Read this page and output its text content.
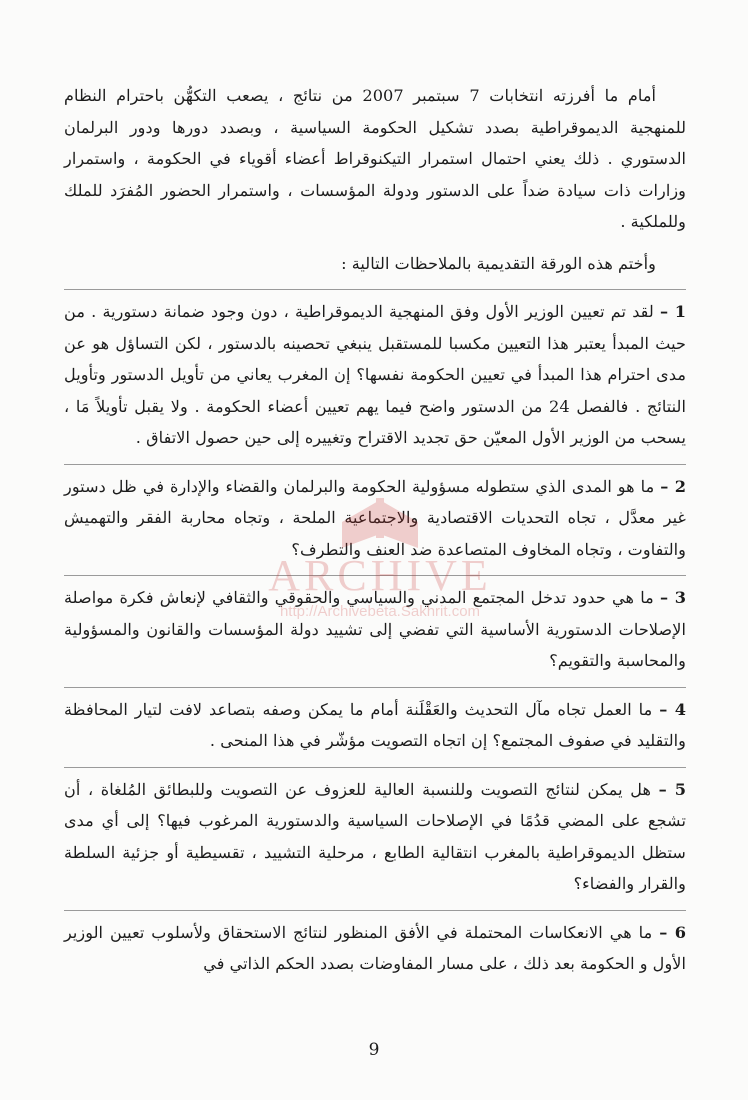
أمام ما أفرزته انتخابات 7 سبتمبر 2007 من نتائج ، يصعب التكهُّن باحترام النظام للمنهجية الديموقراطية بصدد تشكيل الحكومة السياسية ، وبصدد دورها ودور البرلمان الدستوري . ذلك يعني احتمال استمرار التيكنوقراط أعضاء أقوياء في الحكومة ، واستمرار وزارات ذات سيادة ضداً على الدستور ودولة المؤسسات ، واستمرار الحضور المُفرَد للملك وللملكية .

وأختم هذه الورقة التقديمية بالملاحظات التالية :

1 – لقد تم تعيين الوزير الأول وفق المنهجية الديموقراطية ، دون وجود ضمانة دستورية . من حيث المبدأ يعتبر هذا التعيين مكسبا للمستقبل ينبغي تحصينه بالدستور ، لكن التساؤل هو عن مدى احترام هذا المبدأ في تعيين الحكومة نفسها؟ إن المغرب يعاني من تأويل الدستور وتأويل النتائج . فالفصل 24 من الدستور واضح فيما يهم تعيين أعضاء الحكومة . ولا يقبل تأويلاً مَا ، يسحب من الوزير الأول المعيّن حق تجديد الاقتراح وتغييره إلى حين حصول الاتفاق .

2 – ما هو المدى الذي ستطوله مسؤولية الحكومة والبرلمان والقضاء والإدارة في ظل دستور غير معدَّل ، تجاه التحديات الاقتصادية والاجتماعية الملحة ، وتجاه محاربة الفقر والتهميش والتفاوت ، وتجاه المخاوف المتصاعدة ضد العنف والتطرف؟

3 – ما هي حدود تدخل المجتمع المدني والسياسي والحقوقي والثقافي لإنعاش فكرة مواصلة الإصلاحات الدستورية الأساسية التي تفضي إلى تشييد دولة المؤسسات والقانون والمسؤولية والمحاسبة والتقويم؟

4 – ما العمل تجاه مآل التحديث والعَقْلَنة أمام ما يمكن وصفه بتصاعد لافت لتيار المحافظة والتقليد في صفوف المجتمع؟ إن اتجاه التصويت مؤشّر في هذا المنحى .

5 – هل يمكن لنتائج التصويت وللنسبة العالية للعزوف عن التصويت وللبطائق المُلغاة ، أن تشجع على المضي قدُمًا في الإصلاحات السياسية والدستورية المرغوب فيها؟ إلى أي مدى ستظل الديموقراطية بالمغرب انتقالية الطابع ، مرحلية التشييد ، تقسيطية أو جزئية السلطة والقرار والفضاء؟

6 – ما هي الانعكاسات المحتملة في الأفق المنظور لنتائج الاستحقاق ولأسلوب تعيين الوزير الأول و الحكومة بعد ذلك ، على مسار المفاوضات بصدد الحكم الذاتي في

ARCHIVE
http://Archivebeta.Sakhrit.com
9
